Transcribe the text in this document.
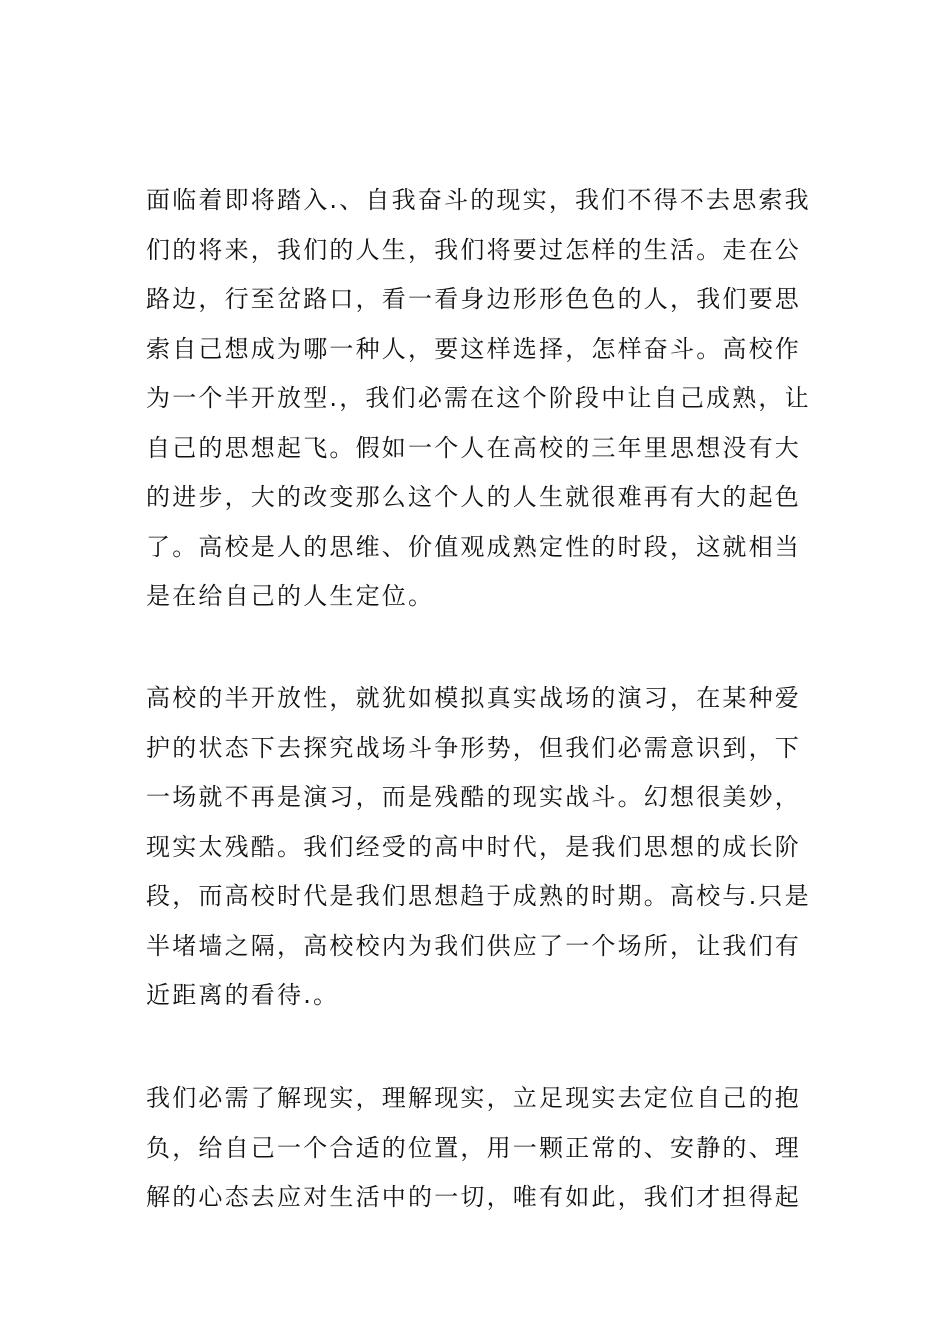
面临着即将踏入.、自我奋斗的现实，我们不得不去思索我
们的将来，我们的人生，我们将要过怎样的生活。走在公
路边，行至岔路口，看一看身边形形色色的人，我们要思
索自己想成为哪一种人，要这样选择，怎样奋斗。高校作
为一个半开放型.，我们必需在这个阶段中让自己成熟，让
自己的思想起飞。假如一个人在高校的三年里思想没有大
的进步，大的改变那么这个人的人生就很难再有大的起色
了。高校是人的思维、价值观成熟定性的时段，这就相当
是在给自己的人生定位。
高校的半开放性，就犹如模拟真实战场的演习，在某种爱
护的状态下去探究战场斗争形势，但我们必需意识到，下
一场就不再是演习，而是残酷的现实战斗。幻想很美妙，
现实太残酷。我们经受的高中时代，是我们思想的成长阶
段，而高校时代是我们思想趋于成熟的时期。高校与.只是
半堵墙之隔，高校校内为我们供应了一个场所，让我们有
近距离的看待.。
我们必需了解现实，理解现实，立足现实去定位自己的抱
负，给自己一个合适的位置，用一颗正常的、安静的、理
解的心态去应对生活中的一切，唯有如此，我们才担得起
